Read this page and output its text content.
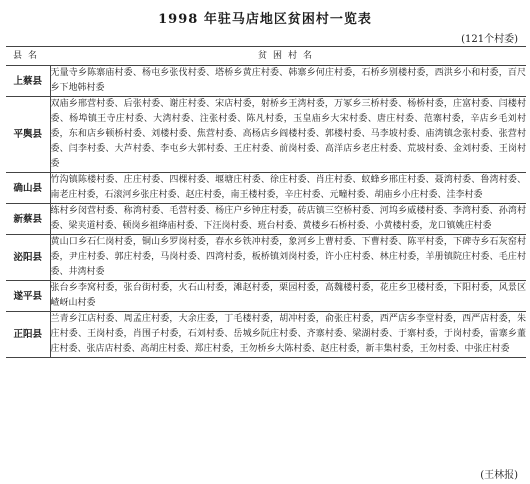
1998 年驻马店地区贫困村一览表
(121个村委)
县名	贫困村名
上蔡县	无量寺乡陈寨庙村委、杨屯乡张伐村委、塔桥乡黄庄村委、韩寨乡何庄村委，石桥乡别楼村委，西洪乡小和村委，百尺乡下地韩村委
平舆县	双庙乡邢营村委、后张村委、谢庄村委、宋店村委，射桥乡王湾村委，万冢乡三桥村委、杨桥村委，庄富村委、闫楼村委、杨埠镇王寺庄村委、大湾村委、注张村委、陈凡村委，玉皇庙乡大宋村委、唐庄村委、范寨村委，辛店乡毛刘村委，东和店乡顿桥村委、刘楼村委、焦营村委、高杨店乡阎楼村委、郭楼村委、马李坡村委、庙湾镇念张村委、张营村委、闫李村委、大芦村委、李屯乡大郭村委、王庄村委、前岗村委、高洋店乡老庄村委、荒坡村委、金刘村委、王岗村委
确山县	竹沟镇陈楼村委、庄庄村委、四棵村委、堰塘庄村委、徐庄村委、肖庄村委、蚁蜂乡邢庄村委、聂湾村委、鲁湾村委、南老庄村委，石滚河乡张庄村委、赵庄村委，南王楼村委，辛庄村委、元疃村委、胡庙乡小庄村委、洼李村委
新蔡县	练村乡闵营村委、称湾村委、毛营村委、杨庄户乡钟庄村委，砖店镇三空桥村委、河坞乡威楼村委、李湾村委、孙湾村委、梁夹道村委、顿岗乡祖绛庙村委、下汪岗村委、班台村委、黄楼乡石桥村委、小黄楼村委，龙口镇姚庄村委
泌阳县	黄山口乡石仁岗村委，铜山乡罗岗村委，春水乡铁冲村委，象河乡上曹村委、下曹村委、陈平村委，下碑寺乡石灰窑村委，尹庄村委、郭庄村委，马岗村委、四湾村委，板桥镇刘岗村委，许小庄村委、林庄村委，羊册镇院庄村委、毛庄村委、井湾村委
遂平县	张台乡李窝村委，张台街村委，火石山村委，滩赵村委，栗园村委，高魏楼村委，花庄乡卫楼村委，下阳村委，风景区嵖岈山村委
正阳县	兰青乡江店村委、周孟庄村委，大余庄委，丁毛楼村委，胡冲村委，俞张庄村委，西严店乡李堂村委，西严店村委，朱庄村委、王岗村委，肖围子村委，石刘村委、岳城乡阮庄村委、齐寨村委、梁湖村委、于寨村委，于岗村委，雷寨乡董庄村委、张店店村委、高胡庄村委、郑庄村委，王勿桥乡大陈村委、赵庄村委，新丰集村委，王勿村委、中张庄村委
(王林报)
